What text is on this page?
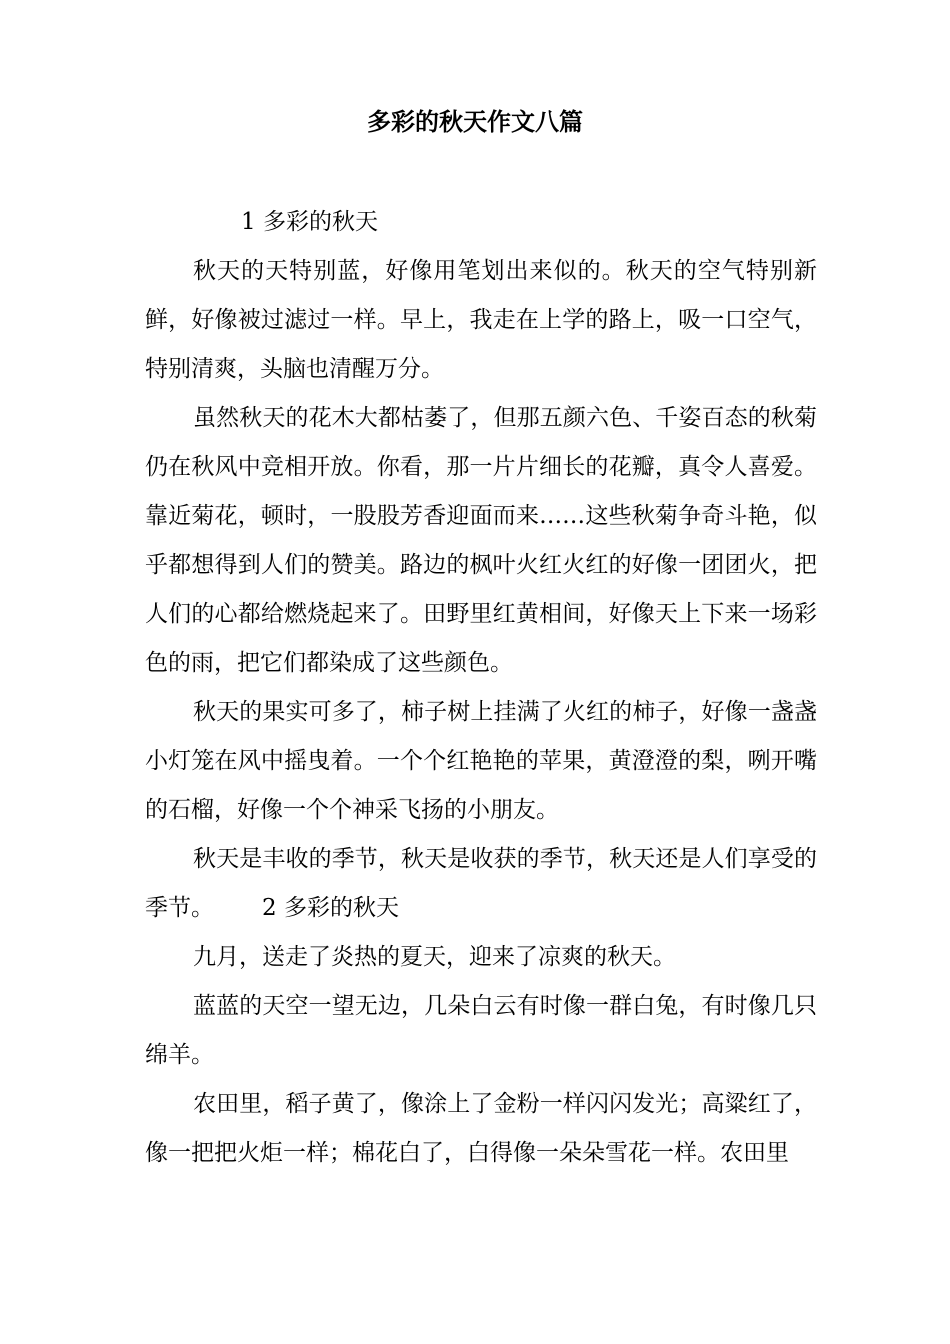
多彩的秋天作文八篇

1 多彩的秋天

秋天的天特别蓝，好像用笔划出来似的。秋天的空气特别新鲜，好像被过滤过一样。早上，我走在上学的路上，吸一口空气，特别清爽，头脑也清醒万分。

虽然秋天的花木大都枯萎了，但那五颜六色、千姿百态的秋菊仍在秋风中竞相开放。你看，那一片片细长的花瓣，真令人喜爱。靠近菊花，顿时，一股股芳香迎面而来……这些秋菊争奇斗艳，似乎都想得到人们的赞美。路边的枫叶火红火红的好像一团团火，把人们的心都给燃烧起来了。田野里红黄相间，好像天上下来一场彩色的雨，把它们都染成了这些颜色。

秋天的果实可多了，柿子树上挂满了火红的柿子，好像一盏盏小灯笼在风中摇曳着。一个个红艳艳的苹果，黄澄澄的梨，咧开嘴的石榴，好像一个个神采飞扬的小朋友。

秋天是丰收的季节，秋天是收获的季节，秋天还是人们享受的季节。 2 多彩的秋天

九月，送走了炎热的夏天，迎来了凉爽的秋天。

蓝蓝的天空一望无边，几朵白云有时像一群白兔，有时像几只绵羊。

农田里，稻子黄了，像涂上了金粉一样闪闪发光；高粱红了，像一把把火炬一样；棉花白了，白得像一朵朵雪花一样。农田里
